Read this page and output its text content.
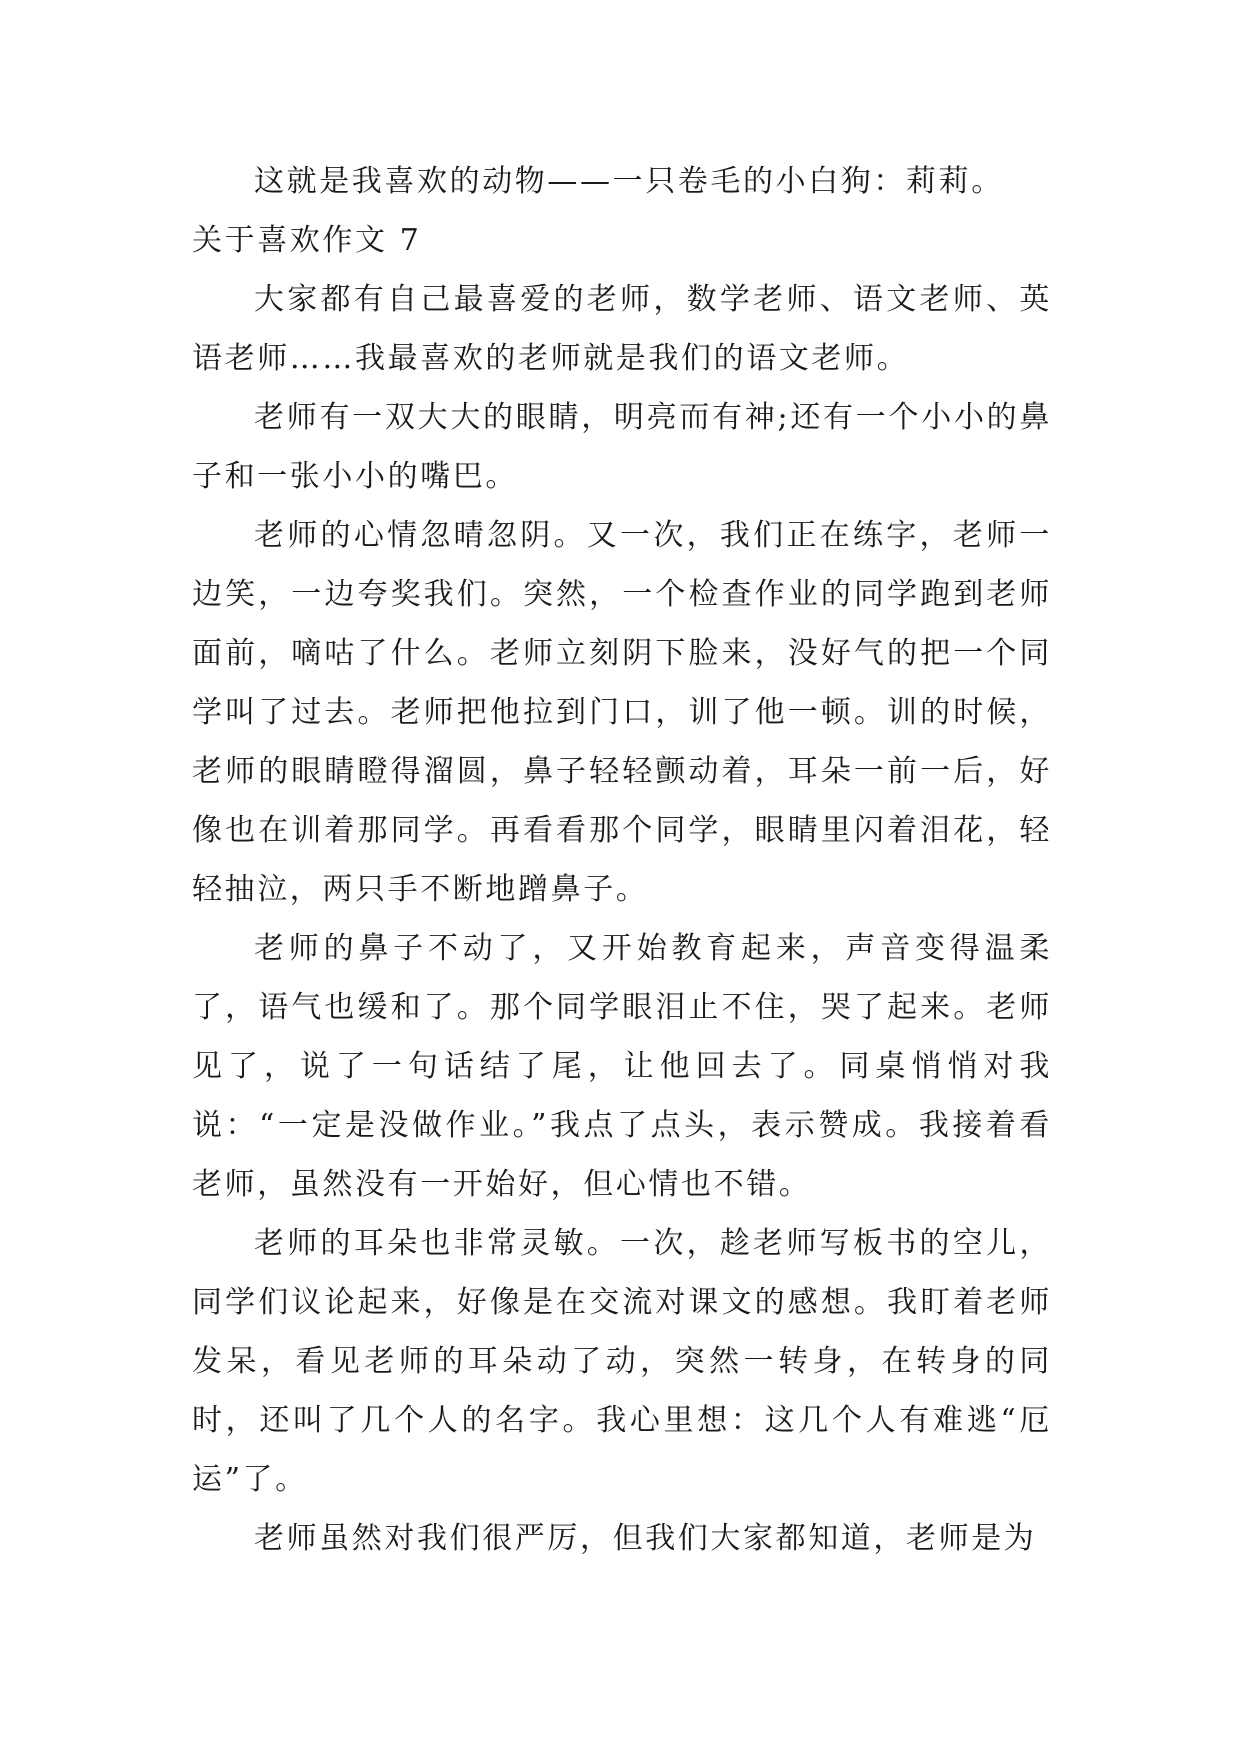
这就是我喜欢的动物——一只卷毛的小白狗：莉莉。

关于喜欢作文 7

大家都有自己最喜爱的老师，数学老师、语文老师、英语老师……我最喜欢的老师就是我们的语文老师。

老师有一双大大的眼睛，明亮而有神;还有一个小小的鼻子和一张小小的嘴巴。

老师的心情忽晴忽阴。又一次，我们正在练字，老师一边笑，一边夸奖我们。突然，一个检查作业的同学跑到老师面前，嘀咕了什么。老师立刻阴下脸来，没好气的把一个同学叫了过去。老师把他拉到门口，训了他一顿。训的时候，老师的眼睛瞪得溜圆，鼻子轻轻颤动着，耳朵一前一后，好像也在训着那同学。再看看那个同学，眼睛里闪着泪花，轻轻抽泣，两只手不断地蹭鼻子。

老师的鼻子不动了，又开始教育起来，声音变得温柔了，语气也缓和了。那个同学眼泪止不住，哭了起来。老师见了，说了一句话结了尾，让他回去了。同桌悄悄对我说：“一定是没做作业。”我点了点头，表示赞成。我接着看老师，虽然没有一开始好，但心情也不错。

老师的耳朵也非常灵敏。一次，趁老师写板书的空儿，同学们议论起来，好像是在交流对课文的感想。我盯着老师发呆，看见老师的耳朵动了动，突然一转身，在转身的同时，还叫了几个人的名字。我心里想：这几个人有难逃“厄运”了。

老师虽然对我们很严厉，但我们大家都知道，老师是为
